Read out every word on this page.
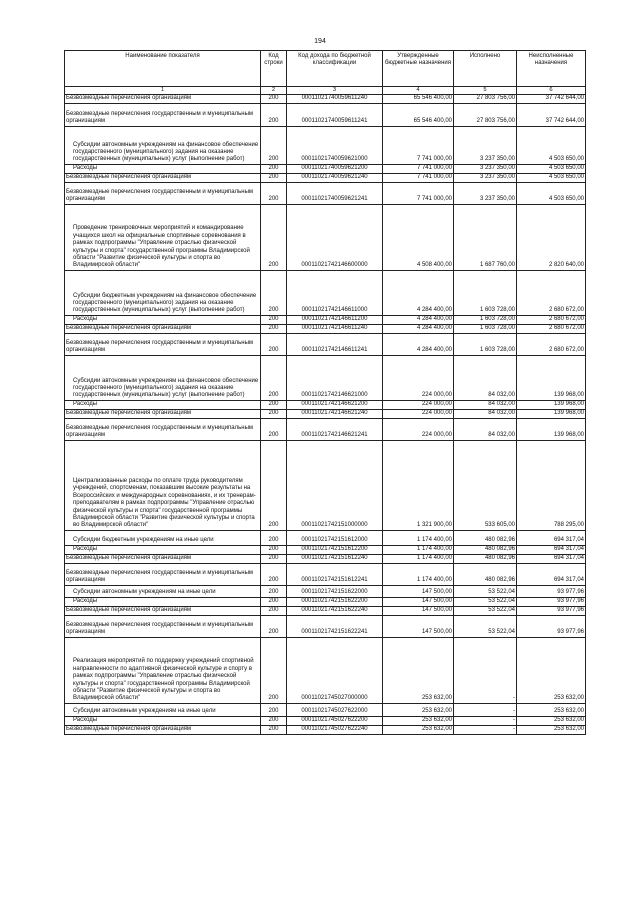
194
Наименование показателя	Код строки	Код дохода по бюджетной классификации	Утвержденные бюджетные назначения	Исполнено	Неисполненные назначения
1	2	3	4	5	6
Безвозмездные перечисления организациям	200	00011021740059611240	65 546 400,00	27 803 756,00	37 742 644,00
Безвозмездные перечисления государственным и муниципальным организациям	200	00011021740059611241	65 546 400,00	27 803 756,00	37 742 644,00
Субсидии автономным учреждениям на финансовое обеспечение государственного (муниципального) задания на оказание государственных (муниципальных) услуг (выполнение работ)	200	00011021740059621000	7 741 000,00	3 237 350,00	4 503 650,00
Расходы	200	00011021740059621200	7 741 000,00	3 237 350,00	4 503 650,00
Безвозмездные перечисления организациям	200	00011021740059621240	7 741 000,00	3 237 350,00	4 503 650,00
Безвозмездные перечисления государственным и муниципальным организациям	200	00011021740059621241	7 741 000,00	3 237 350,00	4 503 650,00
Проведение тренировочных мероприятий и командирование учащихся школ на официальные спортивные соревнования в рамках подпрограммы "Управление отраслью физической культуры и спорта" государственной программы Владимирской области "Развитие физической культуры и спорта во Владимирской области"	200	00011021742146600000	4 508 400,00	1 687 760,00	2 820 640,00
Субсидии бюджетным учреждениям на финансовое обеспечение государственного (муниципального) задания на оказание государственных (муниципальных) услуг (выполнение работ)	200	00011021742146611000	4 284 400,00	1 603 728,00	2 680 672,00
Расходы	200	00011021742146611200	4 284 400,00	1 603 728,00	2 680 672,00
Безвозмездные перечисления организациям	200	00011021742146611240	4 284 400,00	1 603 728,00	2 680 672,00
Безвозмездные перечисления государственным и муниципальным организациям	200	00011021742146611241	4 284 400,00	1 603 728,00	2 680 672,00
Субсидии автономным учреждениям на финансовое обеспечение государственного (муниципального) задания на оказание государственных (муниципальных) услуг (выполнение работ)	200	00011021742146621000	224 000,00	84 032,00	139 968,00
Расходы	200	00011021742146621200	224 000,00	84 032,00	139 968,00
Безвозмездные перечисления организациям	200	00011021742146621240	224 000,00	84 032,00	139 968,00
Безвозмездные перечисления государственным и муниципальным организациям	200	00011021742146621241	224 000,00	84 032,00	139 968,00
Централизованные расходы по оплате труда руководителям учреждений, спортсменам, показавшим высокие результаты на Всероссийских и международных соревнованиях, и их тренерам-преподавателям в рамках подпрограммы "Управление отраслью физической культуры и спорта" государственной программы Владимирской области "Развитие физической культуры и спорта во Владимирской области"	200	00011021742151000000	1 321 900,00	533 605,00	788 295,00
Субсидии бюджетным учреждениям на иные цели	200	00011021742151612000	1 174 400,00	480 082,96	694 317,04
Расходы	200	00011021742151612200	1 174 400,00	480 082,96	694 317,04
Безвозмездные перечисления организациям	200	00011021742151612240	1 174 400,00	480 082,96	694 317,04
Безвозмездные перечисления государственным и муниципальным организациям	200	00011021742151612241	1 174 400,00	480 082,96	694 317,04
Субсидии автономным учреждениям на иные цели	200	00011021742151622000	147 500,00	53 522,04	93 977,96
Расходы	200	00011021742151622200	147 500,00	53 522,04	93 977,96
Безвозмездные перечисления организациям	200	00011021742151622240	147 500,00	53 522,04	93 977,96
Безвозмездные перечисления государственным и муниципальным организациям	200	00011021742151622241	147 500,00	53 522,04	93 977,96
Реализация мероприятий по поддержку учреждений спортивной направленности по адаптивной физической культуре и спорту в рамках подпрограммы "Управление отраслью физической культуры и спорта" государственной программы Владимирской области "Развитие физической культуры и спорта во Владимирской области"	200	00011021745027000000	253 632,00	-	253 632,00
Субсидии автономным учреждениям на иные цели	200	00011021745027622000	253 632,00	-	253 632,00
Расходы	200	00011021745027622200	253 632,00	-	253 632,00
Безвозмездные перечисления организациям	200	00011021745027622240	253 632,00	-	253 632,00
